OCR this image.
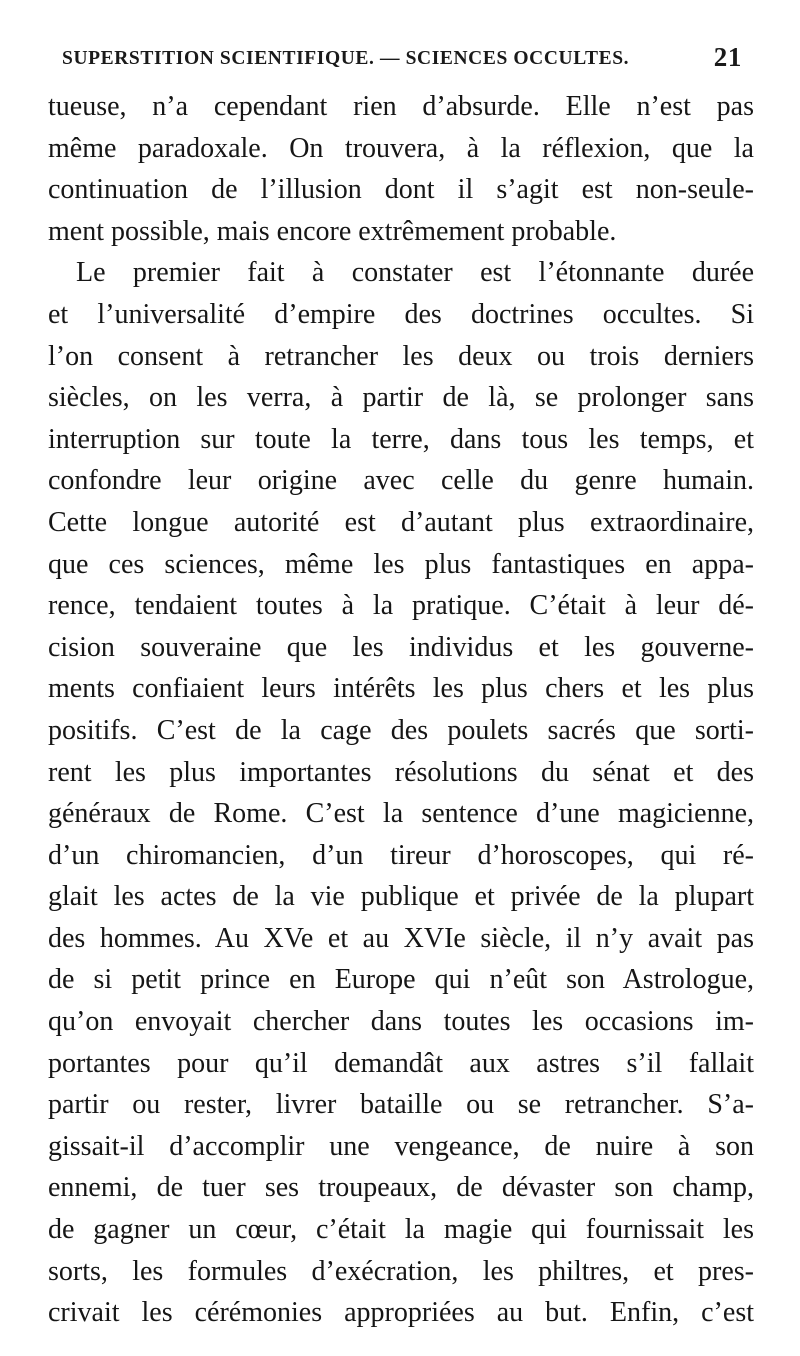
SUPERSTITION SCIENTIFIQUE. — SCIENCES OCCULTES.	21
tueuse, n’a cependant rien d’absurde. Elle n’est pas
même paradoxale. On trouvera, à la réflexion, que la
continuation de l’illusion dont il s’agit est non-seule-
ment possible, mais encore extrêmement probable.
Le premier fait à constater est l’étonnante durée
et l’universalité d’empire des doctrines occultes. Si
l’on consent à retrancher les deux ou trois derniers
siècles, on les verra, à partir de là, se prolonger sans
interruption sur toute la terre, dans tous les temps, et
confondre leur origine avec celle du genre humain.
Cette longue autorité est d’autant plus extraordinaire,
que ces sciences, même les plus fantastiques en appa-
rence, tendaient toutes à la pratique. C’était à leur dé-
cision souveraine que les individus et les gouverne-
ments confiaient leurs intérêts les plus chers et les plus
positifs. C’est de la cage des poulets sacrés que sorti-
rent les plus importantes résolutions du sénat et des
généraux de Rome. C’est la sentence d’une magicienne,
d’un chiromancien, d’un tireur d’horoscopes, qui ré-
glait les actes de la vie publique et privée de la plupart
des hommes. Au XVe et au XVIe siècle, il n’y avait pas
de si petit prince en Europe qui n’eût son Astrologue,
qu’on envoyait chercher dans toutes les occasions im-
portantes pour qu’il demandât aux astres s’il fallait
partir ou rester, livrer bataille ou se retrancher. S’a-
gissait-il d’accomplir une vengeance, de nuire à son
ennemi, de tuer ses troupeaux, de dévaster son champ,
de gagner un cœur, c’était la magie qui fournissait les
sorts, les formules d’exécration, les philtres, et pres-
crivait les cérémonies appropriées au but. Enfin, c’est
